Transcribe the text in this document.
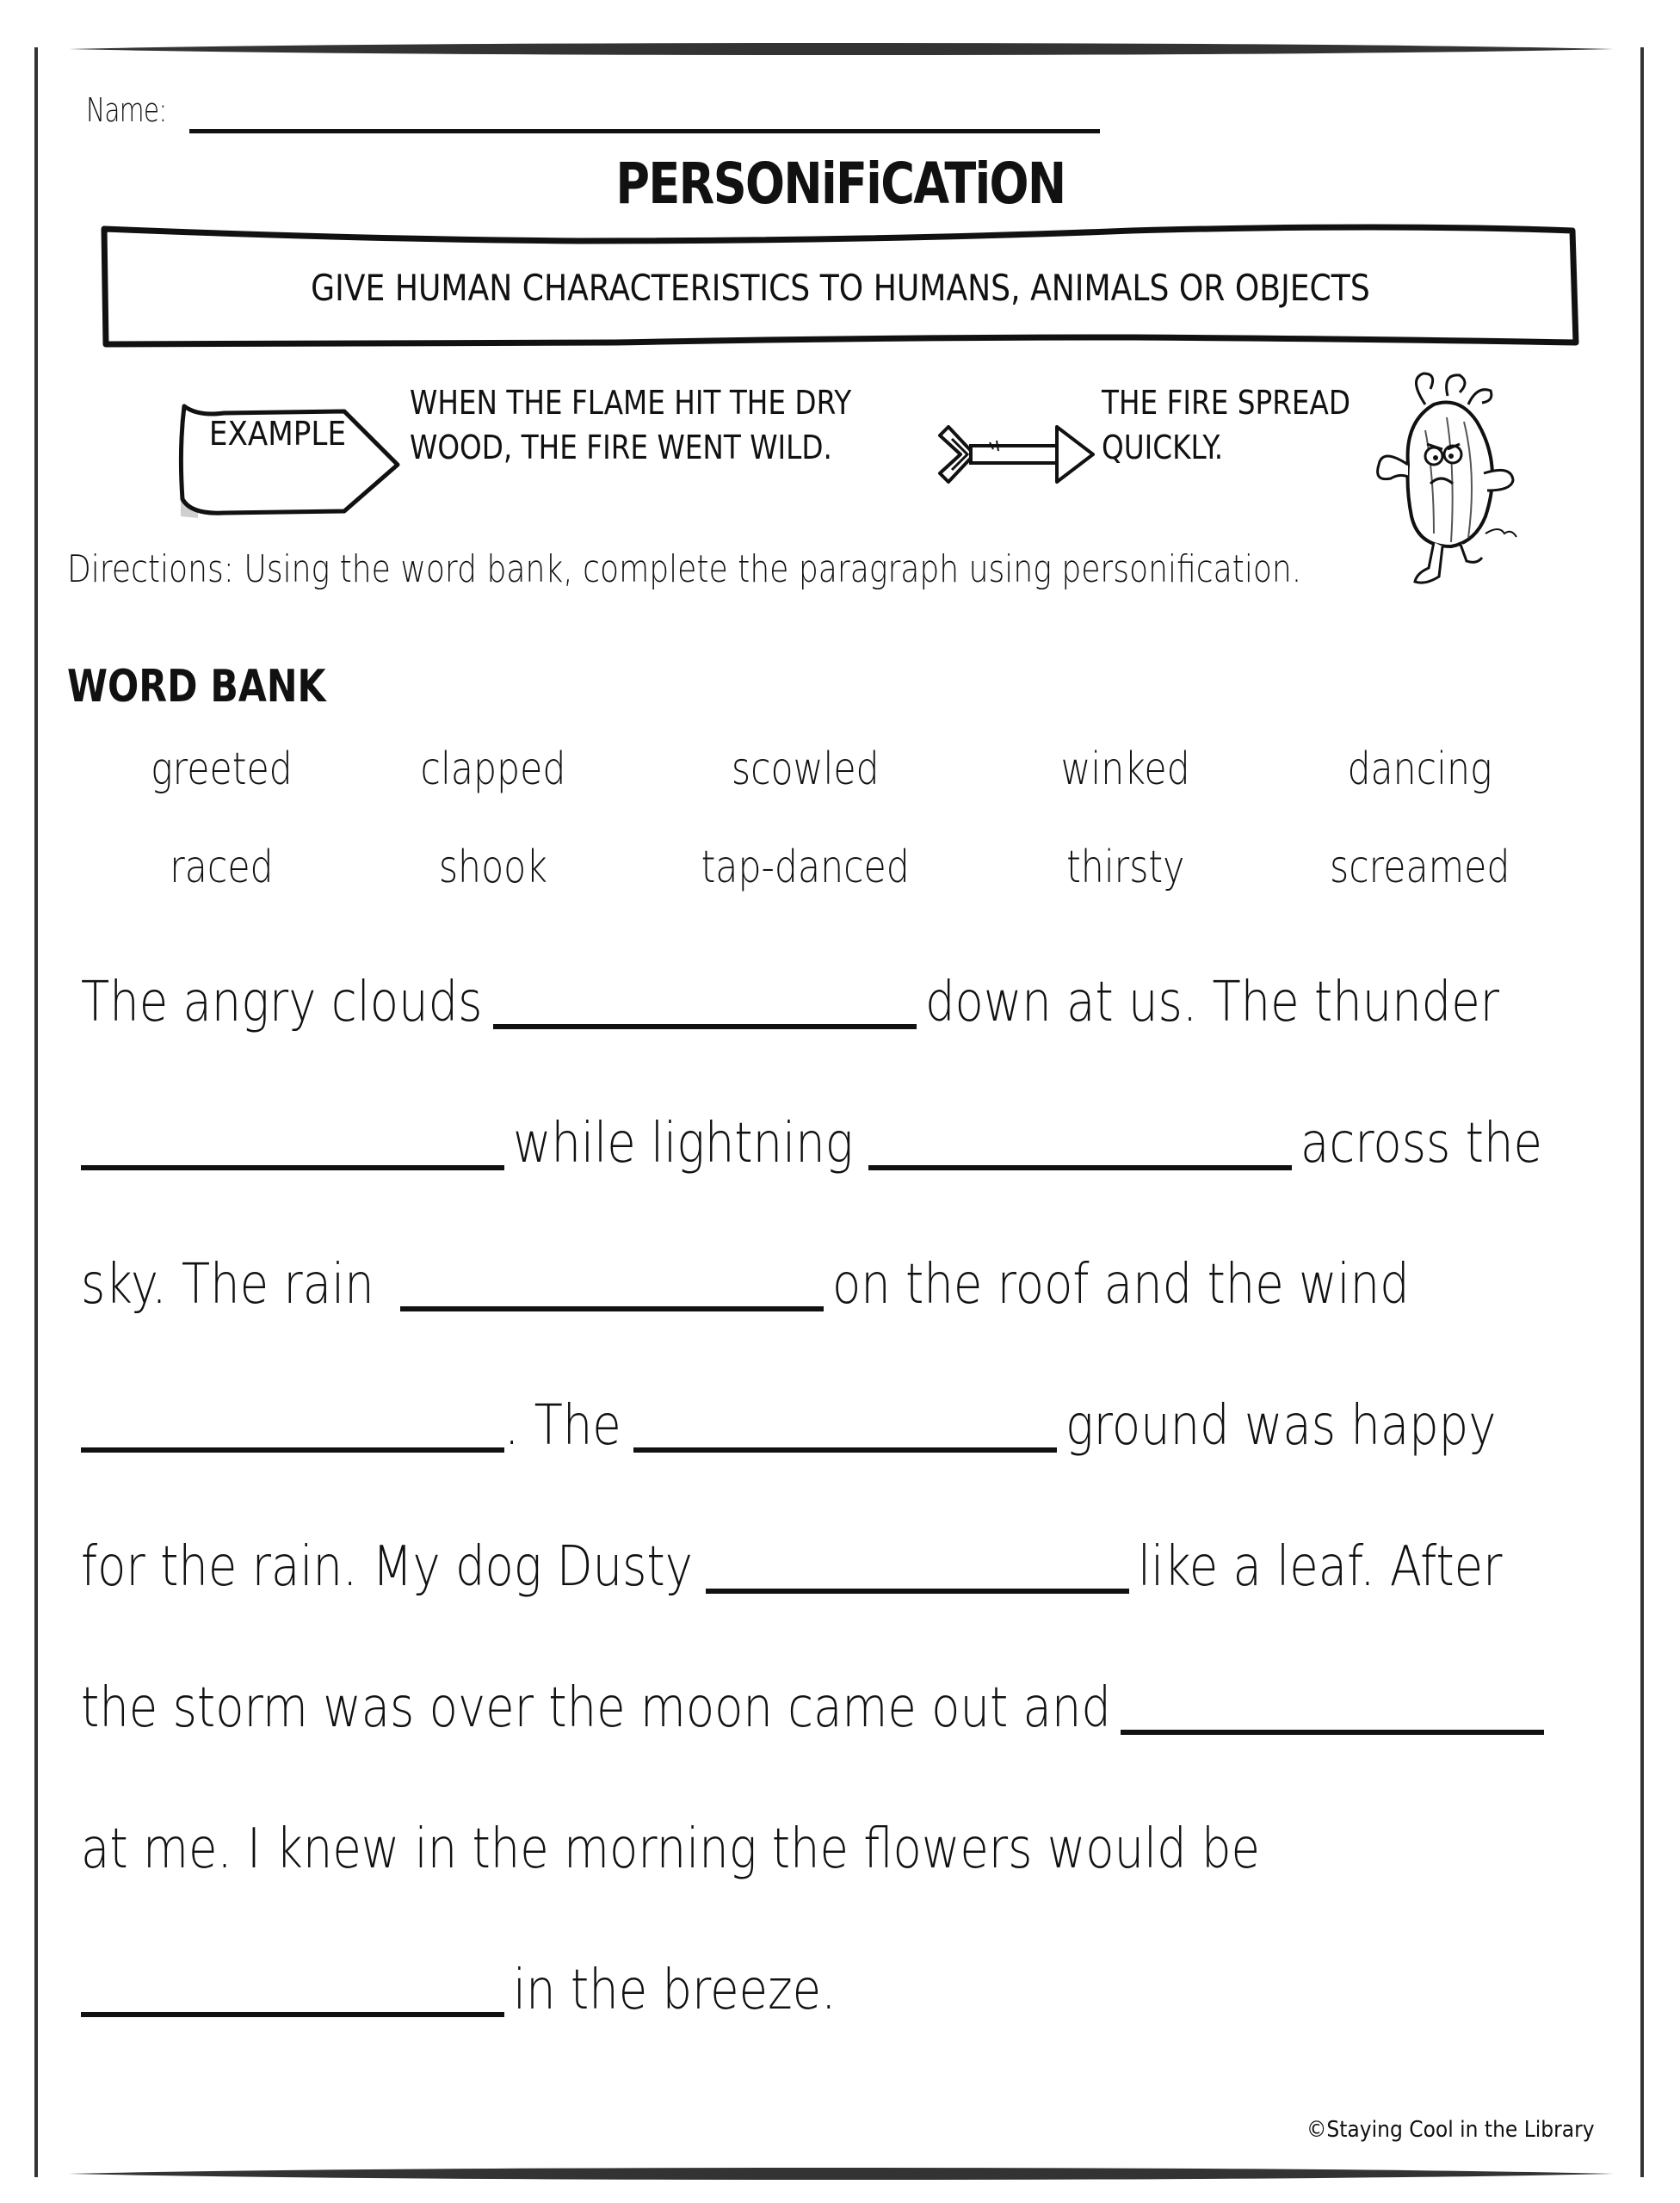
Name:
PERSONiFiCATiON
GIVE HUMAN CHARACTERISTICS TO HUMANS, ANIMALS OR OBJECTS
EXAMPLE
WHEN THE FLAME HIT THE DRY
WOOD, THE FIRE WENT WILD.
THE FIRE SPREAD
QUICKLY.
Directions: Using the word bank, complete the paragraph using personification.
WORD BANK
greeted	clapped	scowled	winked	dancing
raced	shook	tap-danced	thirsty	screamed
The angry clouds	down at us. The thunder
while lightning	across the
sky. The rain	on the roof and the wind
. The	ground was happy
for the rain. My dog Dusty	like a leaf. After
the storm was over the moon came out and
at me. I knew in the morning the flowers would be
in the breeze.
©Staying Cool in the Library
